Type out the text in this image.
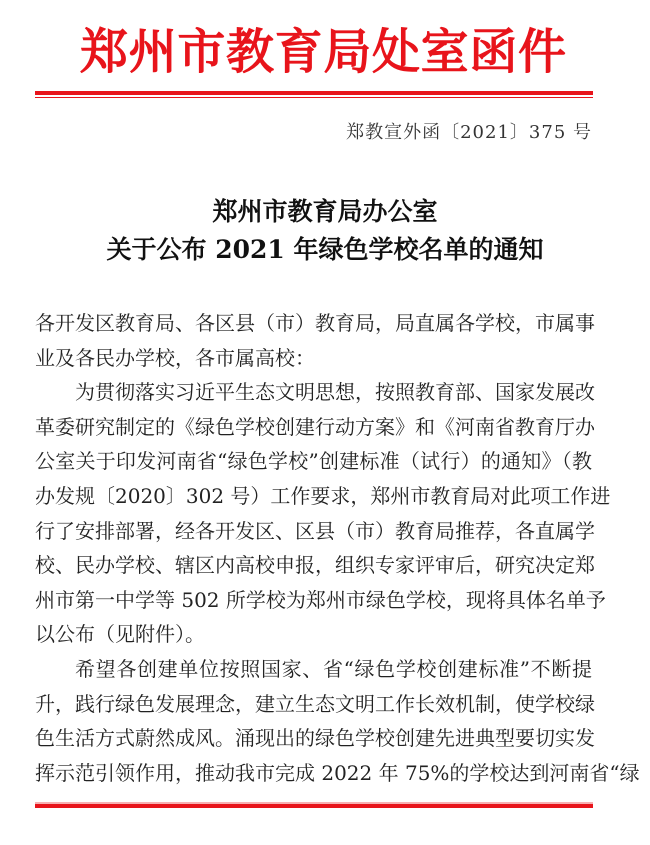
郑州市教育局处室函件
郑教宣外函〔2021〕375 号
郑州市教育局办公室
关于公布 2021 年绿色学校名单的通知
各开发区教育局、各区县（市）教育局，局直属各学校，市属事
业及各民办学校，各市属高校：
为贯彻落实习近平生态文明思想，按照教育部、国家发展改
革委研究制定的《绿色学校创建行动方案》和《河南省教育厅办
公室关于印发河南省“绿色学校”创建标准（试行）的通知》（教
办发规〔2020〕302 号）工作要求，郑州市教育局对此项工作进
行了安排部署，经各开发区、区县（市）教育局推荐，各直属学
校、民办学校、辖区内高校申报，组织专家评审后，研究决定郑
州市第一中学等 502 所学校为郑州市绿色学校，现将具体名单予
以公布（见附件）。
希望各创建单位按照国家、省“绿色学校创建标准”不断提
升，践行绿色发展理念，建立生态文明工作长效机制，使学校绿
色生活方式蔚然成风。涌现出的绿色学校创建先进典型要切实发
挥示范引领作用，推动我市完成 2022 年 75%的学校达到河南省“绿
